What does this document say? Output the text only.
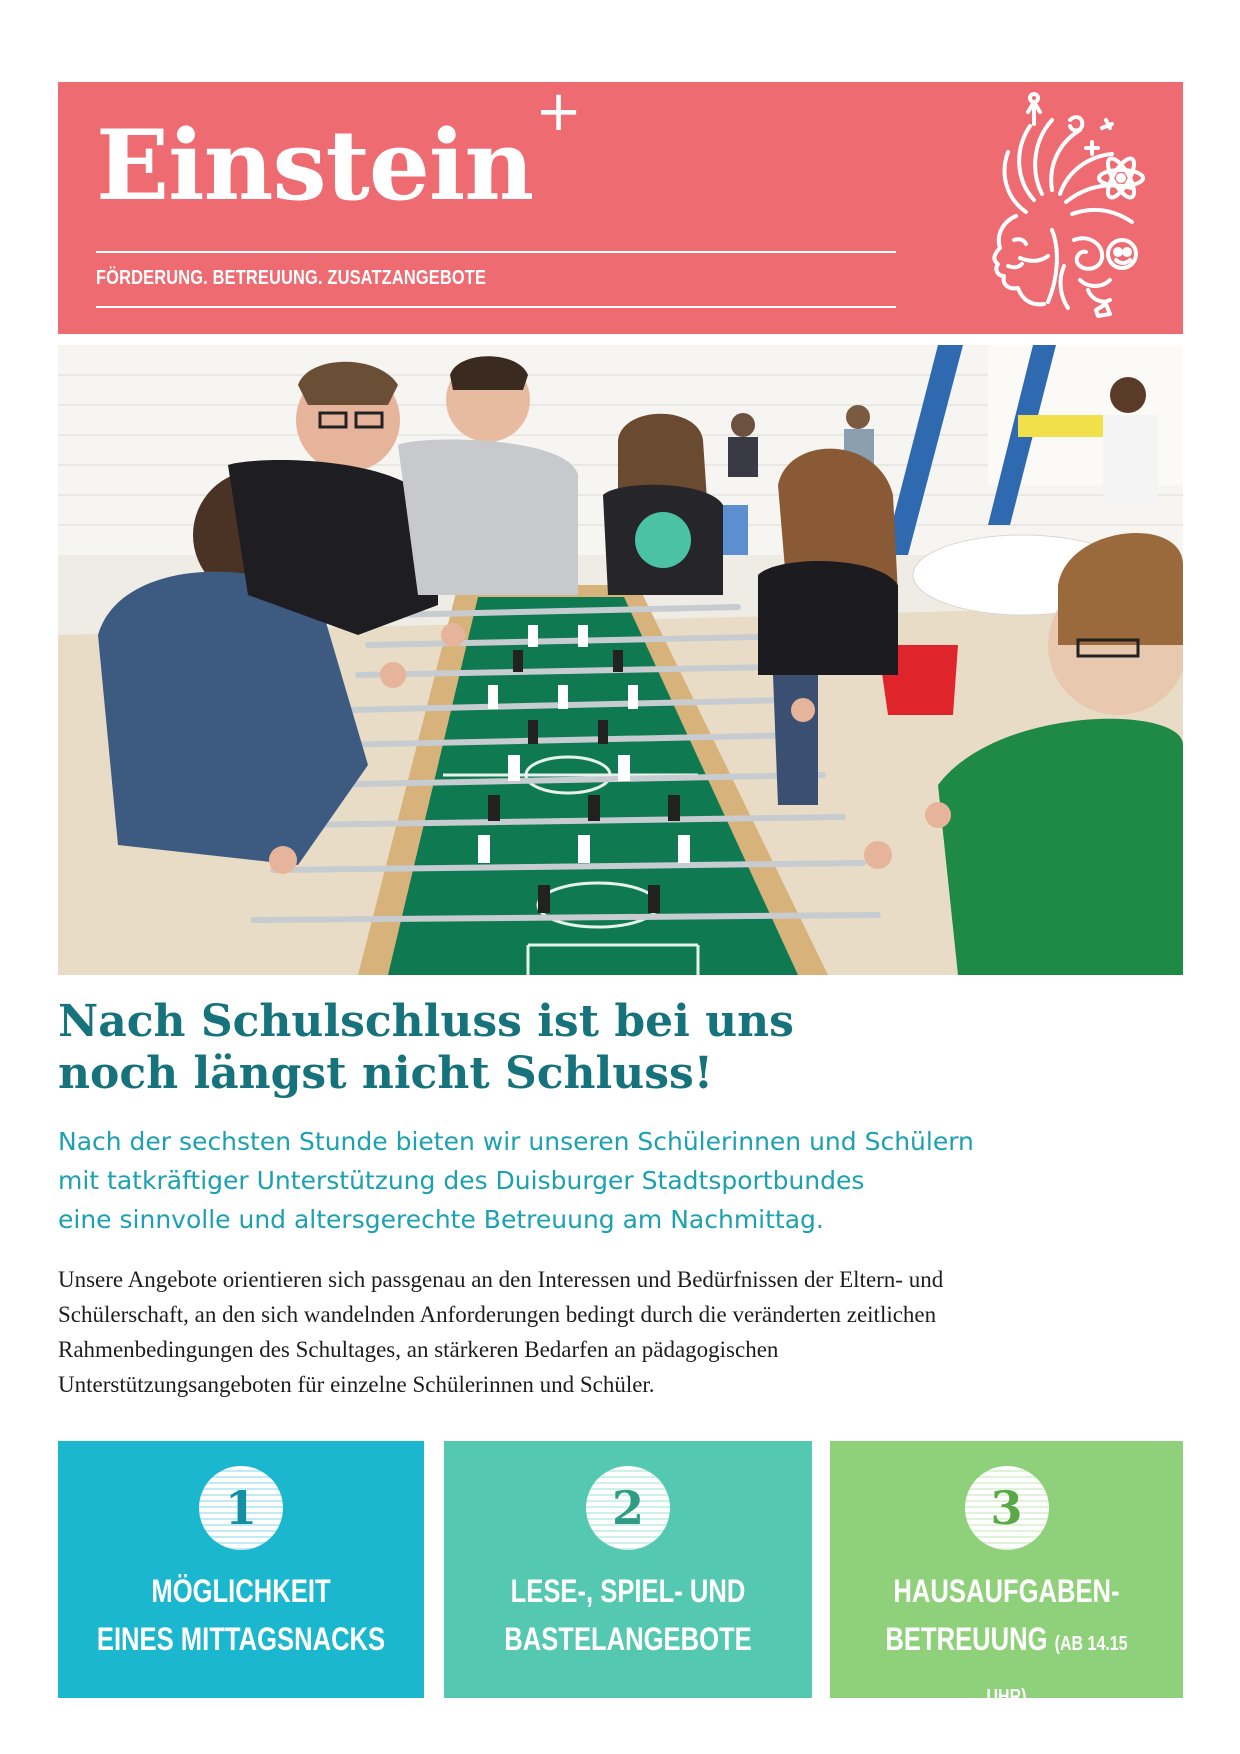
Einstein+
FÖRDERUNG. BETREUUNG. ZUSATZANGEBOTE
Nach Schulschluss ist bei uns
noch längst nicht Schluss!
Nach der sechsten Stunde bieten wir unseren Schülerinnen und Schülern
mit tatkräftiger Unterstützung des Duisburger Stadtsportbundes
eine sinnvolle und altersgerechte Betreuung am Nachmittag.
Unsere Angebote orientieren sich passgenau an den Interessen und Bedürfnissen der Eltern- und
Schülerschaft, an den sich wandelnden Anforderungen bedingt durch die veränderten zeitlichen
Rahmenbedingungen des Schultages, an stärkeren Bedarfen an pädagogischen
Unterstützungsangeboten für einzelne Schülerinnen und Schüler.
1
MÖGLICHKEIT
EINES MITTAGSNACKS
2
LESE-, SPIEL- UND
BASTELANGEBOTE
3
HAUSAUFGABEN-
BETREUUNG (AB 14.15 UHR)
